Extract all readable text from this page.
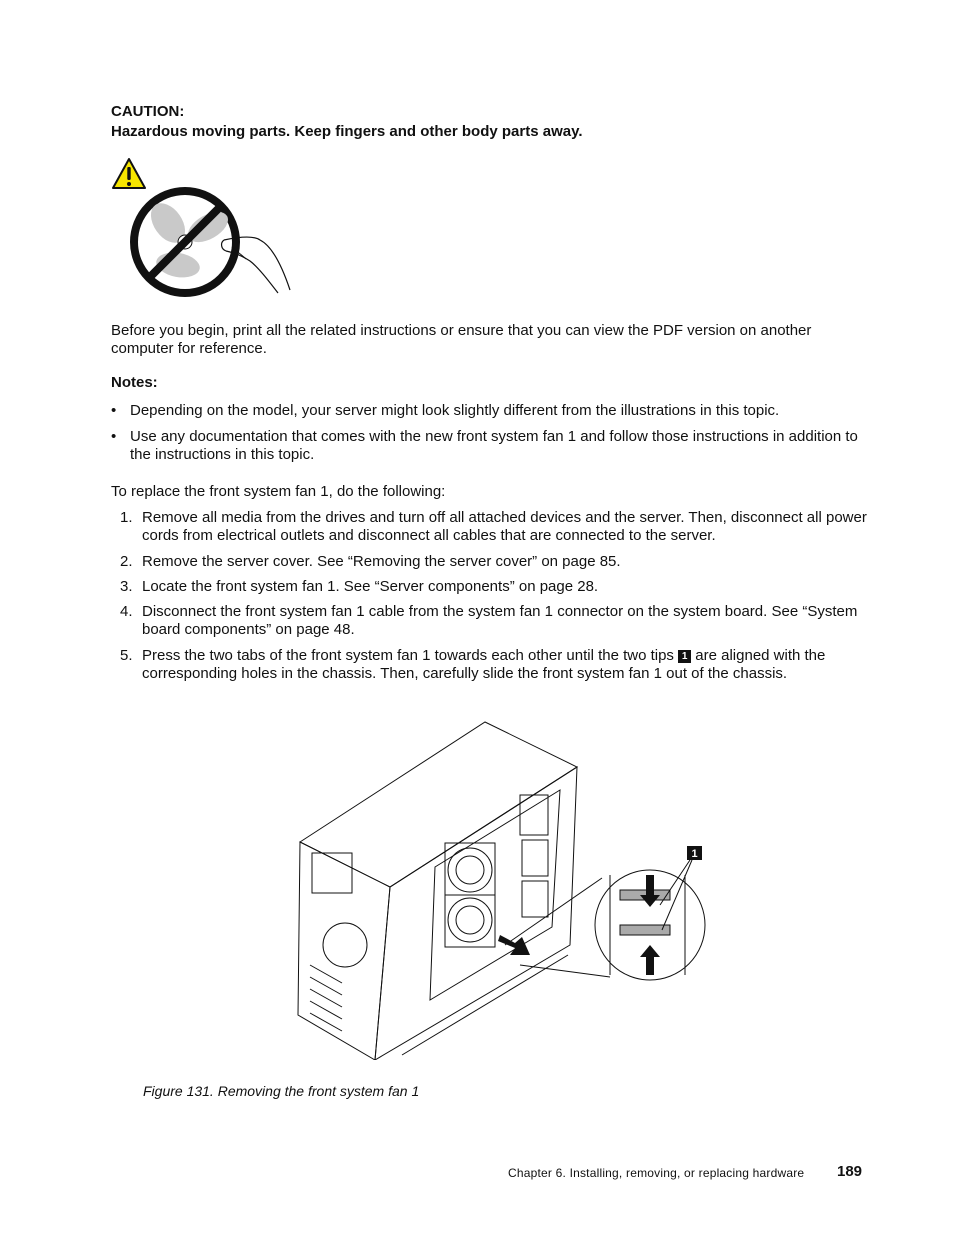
CAUTION:
Hazardous moving parts. Keep fingers and other body parts away.
Before you begin, print all the related instructions or ensure that you can view the PDF version on another computer for reference.
Notes:
• Depending on the model, your server might look slightly different from the illustrations in this topic.
• Use any documentation that comes with the new front system fan 1 and follow those instructions in addition to the instructions in this topic.
To replace the front system fan 1, do the following:
1. Remove all media from the drives and turn off all attached devices and the server. Then, disconnect all power cords from electrical outlets and disconnect all cables that are connected to the server.
2. Remove the server cover. See “Removing the server cover” on page 85.
3. Locate the front system fan 1. See “Server components” on page 28.
4. Disconnect the front system fan 1 cable from the system fan 1 connector on the system board. See “System board components” on page 48.
5. Press the two tabs of the front system fan 1 towards each other until the two tips 1 are aligned with the corresponding holes in the chassis. Then, carefully slide the front system fan 1 out of the chassis.
1
Figure 131. Removing the front system fan 1
Chapter 6. Installing, removing, or replacing hardware 189
